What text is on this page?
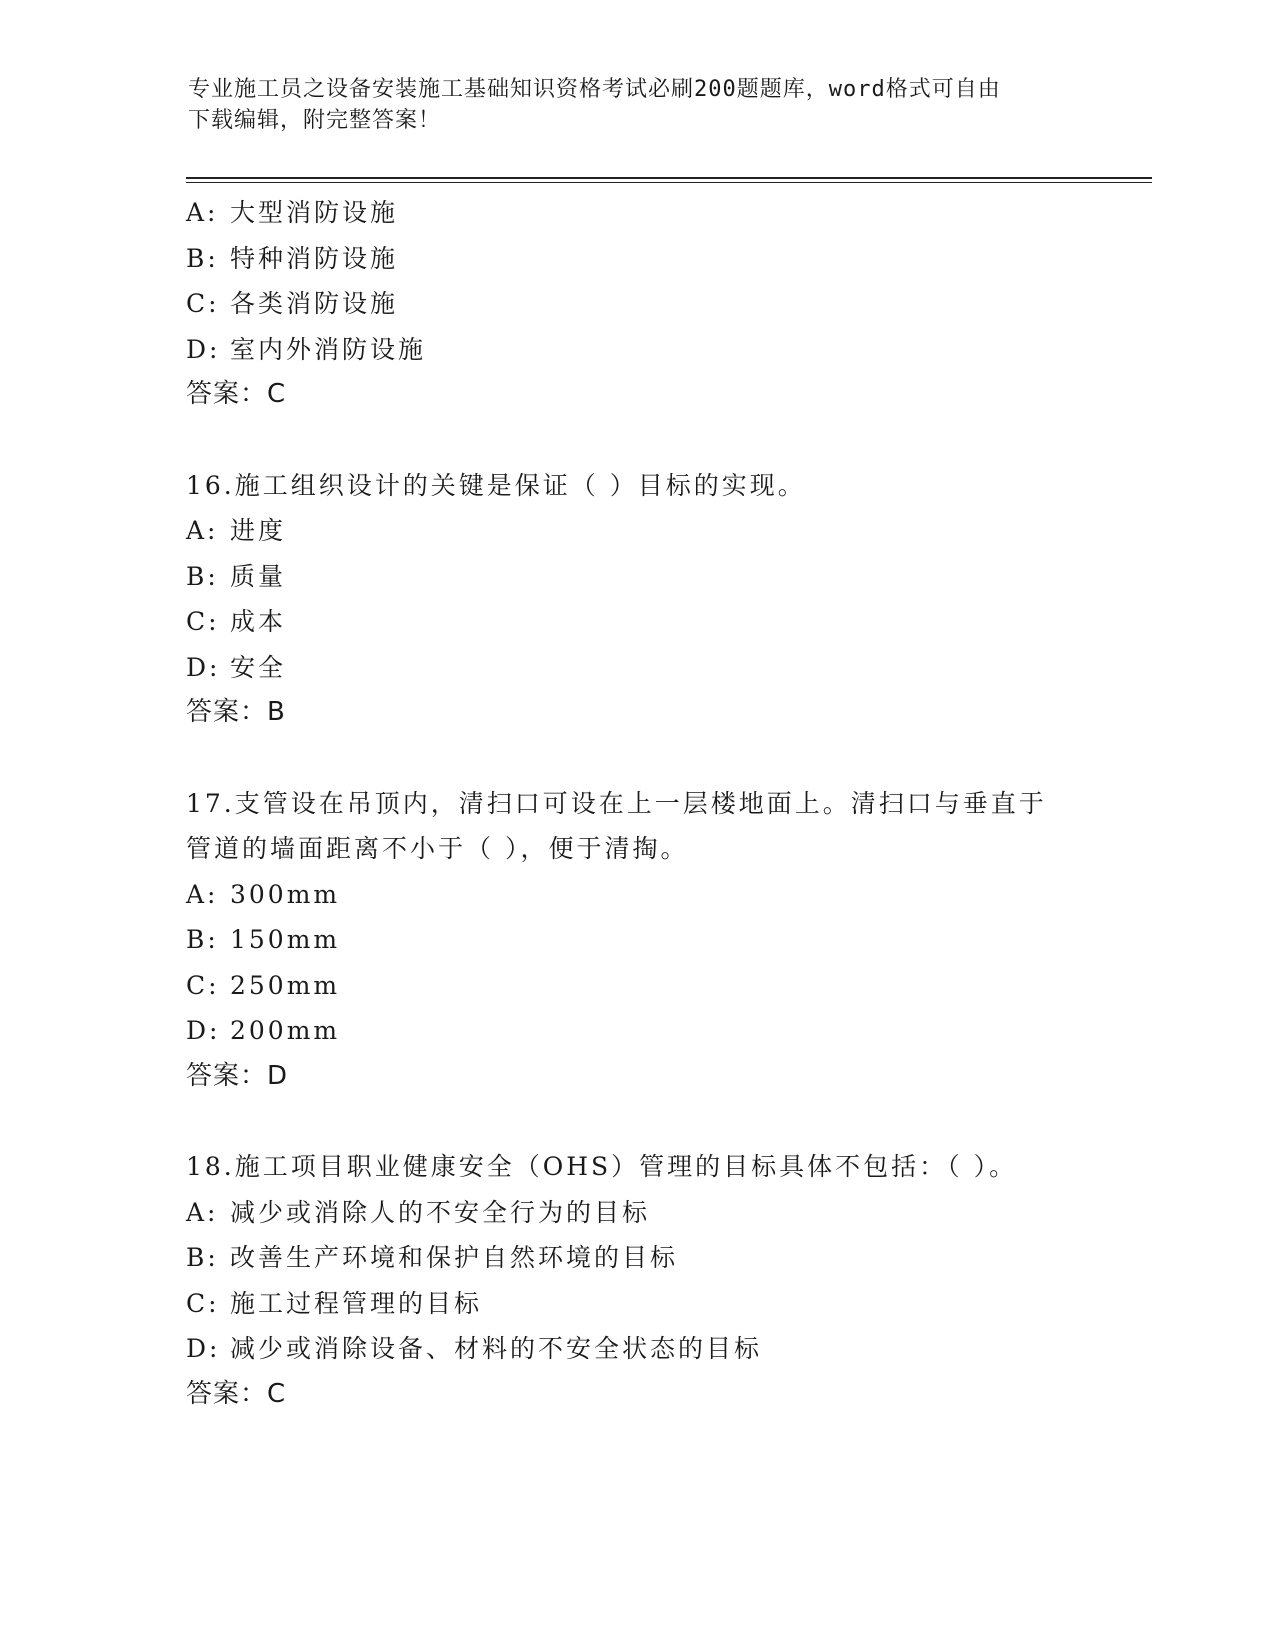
专业施工员之设备安装施工基础知识资格考试必刷200题题库，word格式可自由
下载编辑，附完整答案！
A: 大型消防设施
B: 特种消防设施
C: 各类消防设施
D: 室内外消防设施
答案：C
16.施工组织设计的关键是保证（ ）目标的实现。
A: 进度
B: 质量
C: 成本
D: 安全
答案：B
17.支管设在吊顶内，清扫口可设在上一层楼地面上。清扫口与垂直于
管道的墙面距离不小于（ ），便于清掏。
A: 300mm
B: 150mm
C: 250mm
D: 200mm
答案：D
18.施工项目职业健康安全（OHS）管理的目标具体不包括：（ ）。
A: 减少或消除人的不安全行为的目标
B: 改善生产环境和保护自然环境的目标
C: 施工过程管理的目标
D: 减少或消除设备、材料的不安全状态的目标
答案：C
